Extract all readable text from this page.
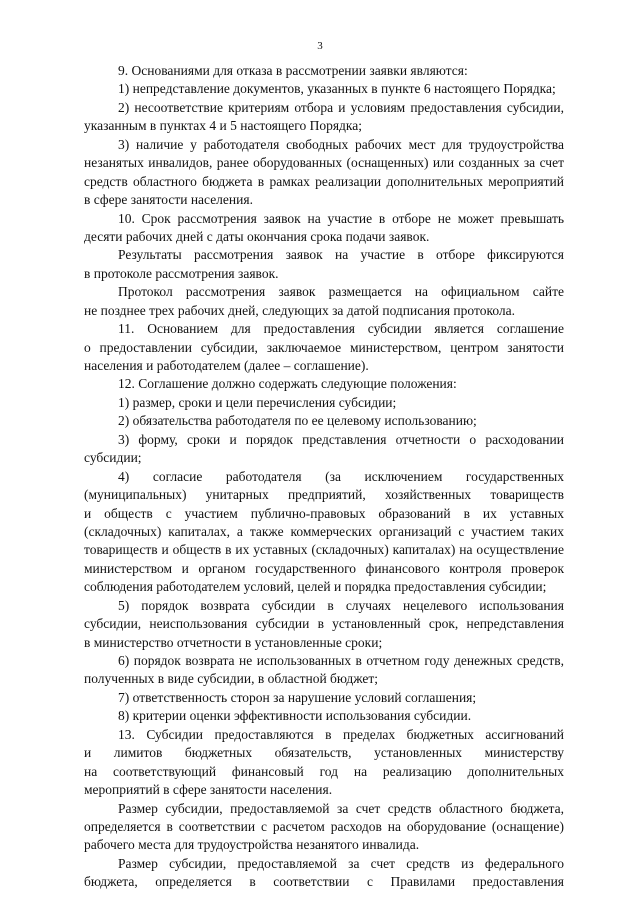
3
9. Основаниями для отказа в рассмотрении заявки являются:
1) непредставление документов, указанных в пункте 6 настоящего Порядка;
2) несоответствие критериям отбора и условиям предоставления субсидии,
указанным в пунктах 4 и 5 настоящего Порядка;
3) наличие у работодателя свободных рабочих мест для трудоустройства
незанятых инвалидов, ранее оборудованных (оснащенных) или созданных за счет
средств областного бюджета в рамках реализации дополнительных мероприятий
в сфере занятости населения.
10. Срок рассмотрения заявок на участие в отборе не может превышать
десяти рабочих дней с даты окончания срока подачи заявок.
Результаты рассмотрения заявок на участие в отборе фиксируются
в протоколе рассмотрения заявок.
Протокол рассмотрения заявок размещается на официальном сайте
не позднее трех рабочих дней, следующих за датой подписания протокола.
11. Основанием для предоставления субсидии является соглашение
о предоставлении субсидии, заключаемое министерством, центром занятости
населения и работодателем (далее – соглашение).
12. Соглашение должно содержать следующие положения:
1) размер, сроки и цели перечисления субсидии;
2) обязательства работодателя по ее целевому использованию;
3) форму, сроки и порядок представления отчетности о расходовании
субсидии;
4) согласие работодателя (за исключением государственных
(муниципальных) унитарных предприятий, хозяйственных товариществ
и обществ с участием публично-правовых образований в их уставных
(складочных) капиталах, а также коммерческих организаций с участием таких
товариществ и обществ в их уставных (складочных) капиталах) на осуществление
министерством и органом государственного финансового контроля проверок
соблюдения работодателем условий, целей и порядка предоставления субсидии;
5) порядок возврата субсидии в случаях нецелевого использования
субсидии, неиспользования субсидии в установленный срок, непредставления
в министерство отчетности в установленные сроки;
6) порядок возврата не использованных в отчетном году денежных средств,
полученных в виде субсидии, в областной бюджет;
7) ответственность сторон за нарушение условий соглашения;
8) критерии оценки эффективности использования субсидии.
13. Субсидии предоставляются в пределах бюджетных ассигнований
и лимитов бюджетных обязательств, установленных министерству
на соответствующий финансовый год на реализацию дополнительных
мероприятий в сфере занятости населения.
Размер субсидии, предоставляемой за счет средств областного бюджета,
определяется в соответствии с расчетом расходов на оборудование (оснащение)
рабочего места для трудоустройства незанятого инвалида.
Размер субсидии, предоставляемой за счет средств из федерального
бюджета, определяется в соответствии с Правилами предоставления
